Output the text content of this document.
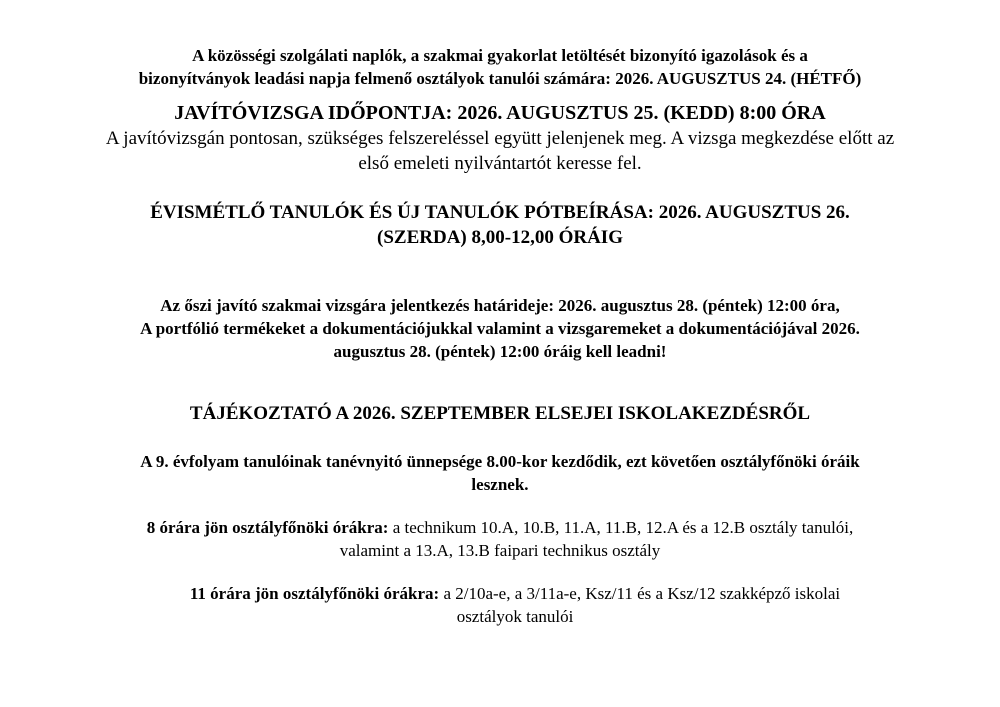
A közösségi szolgálati naplók, a szakmai gyakorlat letöltését bizonyító igazolások és a
bizonyítványok leadási napja felmenő osztályok tanulói számára: 2026. AUGUSZTUS 24. (HÉTFŐ)
JAVÍTÓVIZSGA IDŐPONTJA: 2026. AUGUSZTUS 25. (KEDD) 8:00 ÓRA
A javítóvizsgán pontosan, szükséges felszereléssel együtt jelenjenek meg. A vizsga megkezdése előtt az
első emeleti nyilvántartót keresse fel.
ÉVISMÉTLŐ TANULÓK ÉS ÚJ TANULÓK PÓTBEÍRÁSA: 2026. AUGUSZTUS 26.
(SZERDA) 8,00-12,00 ÓRÁIG
Az őszi javító szakmai vizsgára jelentkezés határideje: 2026. augusztus 28. (péntek) 12:00 óra,
A portfólió termékeket a dokumentációjukkal valamint a vizsgaremeket a dokumentációjával 2026.
augusztus 28. (péntek) 12:00 óráig kell leadni!
TÁJÉKOZTATÓ A 2026. SZEPTEMBER ELSEJEI ISKOLAKEZDÉSRŐL
A 9. évfolyam tanulóinak tanévnyitó ünnepsége 8.00-kor kezdődik, ezt követően osztályfőnöki óráik
lesznek.
8 órára jön osztályfőnöki órákra: a technikum 10.A, 10.B, 11.A, 11.B, 12.A és a 12.B osztály tanulói,
valamint a 13.A, 13.B faipari technikus osztály
11 órára jön osztályfőnöki órákra: a 2/10a-e, a 3/11a-e, Ksz/11 és a Ksz/12 szakképző iskolai
osztályok tanulói
